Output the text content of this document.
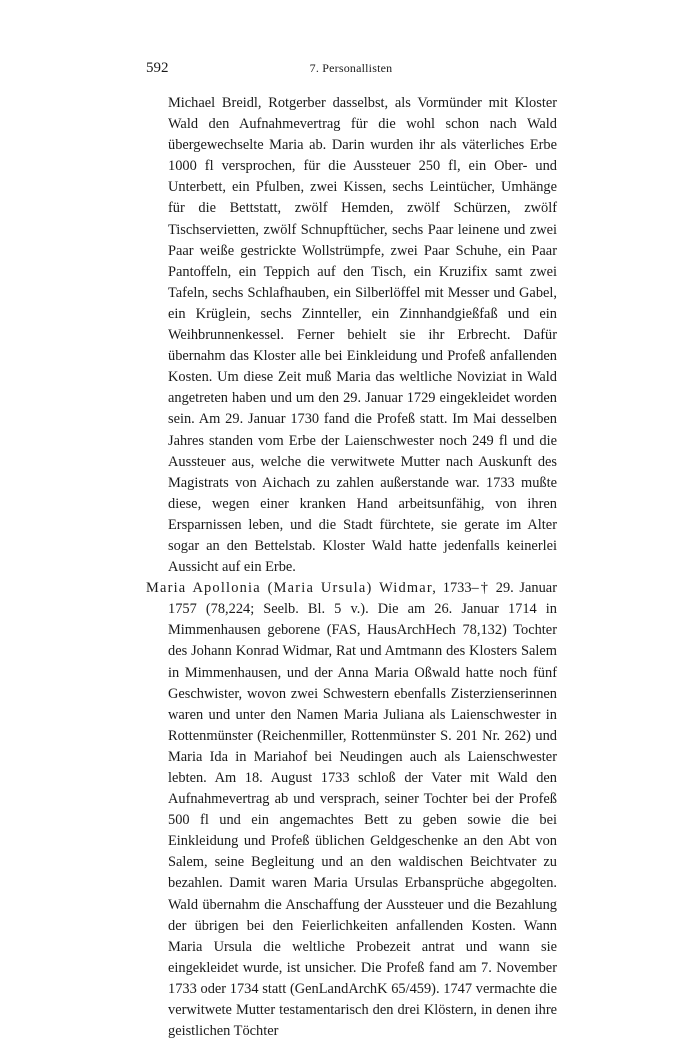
592	7. Personallisten

Michael Breidl, Rotgerber dasselbst, als Vormünder mit Kloster Wald den Aufnahmevertrag für die wohl schon nach Wald übergewechselte Maria ab. Darin wurden ihr als väterliches Erbe 1000 fl versprochen, für die Aussteuer 250 fl, ein Ober- und Unterbett, ein Pfulben, zwei Kissen, sechs Leintücher, Umhänge für die Bettstatt, zwölf Hemden, zwölf Schürzen, zwölf Tischservietten, zwölf Schnupftücher, sechs Paar leinene und zwei Paar weiße gestrickte Wollstrümpfe, zwei Paar Schuhe, ein Paar Pantoffeln, ein Teppich auf den Tisch, ein Kruzifix samt zwei Tafeln, sechs Schlafhauben, ein Silberlöffel mit Messer und Gabel, ein Krüglein, sechs Zinnteller, ein Zinnhandgießfaß und ein Weihbrunnenkessel. Ferner behielt sie ihr Erbrecht. Dafür übernahm das Kloster alle bei Einkleidung und Profeß anfallenden Kosten. Um diese Zeit muß Maria das weltliche Noviziat in Wald angetreten haben und um den 29. Januar 1729 eingekleidet worden sein. Am 29. Januar 1730 fand die Profeß statt. Im Mai desselben Jahres standen vom Erbe der Laienschwester noch 249 fl und die Aussteuer aus, welche die verwitwete Mutter nach Auskunft des Magistrats von Aichach zu zahlen außerstande war. 1733 mußte diese, wegen einer kranken Hand arbeitsunfähig, von ihren Ersparnissen leben, und die Stadt fürchtete, sie gerate im Alter sogar an den Bettelstab. Kloster Wald hatte jedenfalls keinerlei Aussicht auf ein Erbe.

Maria Apollonia (Maria Ursula) Widmar, 1733–† 29. Januar 1757 (78,224; Seelb. Bl. 5 v.). Die am 26. Januar 1714 in Mimmenhausen geborene (FAS, HausArchHech 78,132) Tochter des Johann Konrad Widmar, Rat und Amtmann des Klosters Salem in Mimmenhausen, und der Anna Maria Oßwald hatte noch fünf Geschwister, wovon zwei Schwestern ebenfalls Zisterzienserinnen waren und unter den Namen Maria Juliana als Laienschwester in Rottenmünster (Reichenmiller, Rottenmünster S. 201 Nr. 262) und Maria Ida in Mariahof bei Neudingen auch als Laienschwester lebten. Am 18. August 1733 schloß der Vater mit Wald den Aufnahmevertrag ab und versprach, seiner Tochter bei der Profeß 500 fl und ein angemachtes Bett zu geben sowie die bei Einkleidung und Profeß üblichen Geldgeschenke an den Abt von Salem, seine Begleitung und an den waldischen Beichtvater zu bezahlen. Damit waren Maria Ursulas Erbansprüche abgegolten. Wald übernahm die Anschaffung der Aussteuer und die Bezahlung der übrigen bei den Feierlichkeiten anfallenden Kosten. Wann Maria Ursula die weltliche Probezeit antrat und wann sie eingekleidet wurde, ist unsicher. Die Profeß fand am 7. November 1733 oder 1734 statt (GenLandArchK 65/459). 1747 vermachte die verwitwete Mutter testamentarisch den drei Klöstern, in denen ihre geistlichen Töchter
